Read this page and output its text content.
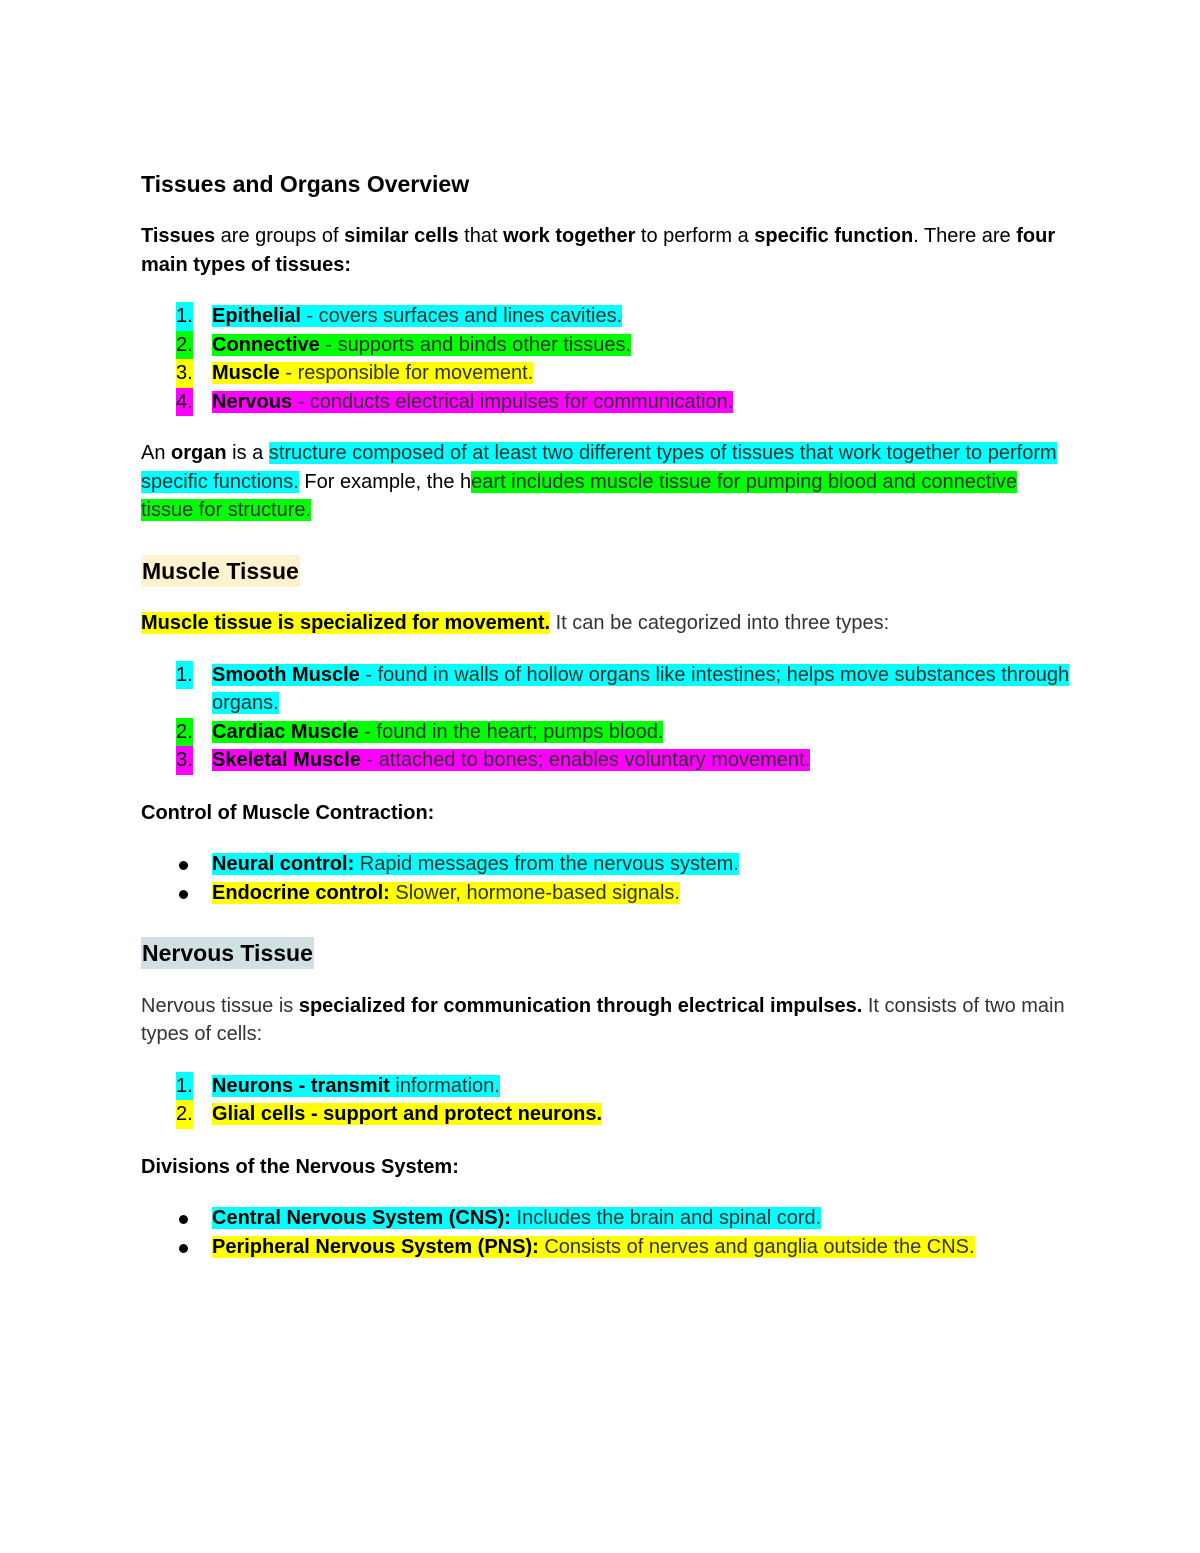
Tissues and Organs Overview

Tissues are groups of similar cells that work together to perform a specific function. There are four main types of tissues:

1. Epithelial - covers surfaces and lines cavities.
2. Connective - supports and binds other tissues.
3. Muscle - responsible for movement.
4. Nervous - conducts electrical impulses for communication.

An organ is a structure composed of at least two different types of tissues that work together to perform specific functions. For example, the heart includes muscle tissue for pumping blood and connective tissue for structure.

Muscle Tissue

Muscle tissue is specialized for movement. It can be categorized into three types:

1. Smooth Muscle - found in walls of hollow organs like intestines; helps move substances through organs.
2. Cardiac Muscle - found in the heart; pumps blood.
3. Skeletal Muscle - attached to bones; enables voluntary movement.

Control of Muscle Contraction:

Neural control: Rapid messages from the nervous system.
Endocrine control: Slower, hormone-based signals.

Nervous Tissue

Nervous tissue is specialized for communication through electrical impulses. It consists of two main types of cells:

1. Neurons - transmit information.
2. Glial cells - support and protect neurons.

Divisions of the Nervous System:

Central Nervous System (CNS): Includes the brain and spinal cord.
Peripheral Nervous System (PNS): Consists of nerves and ganglia outside the CNS.
